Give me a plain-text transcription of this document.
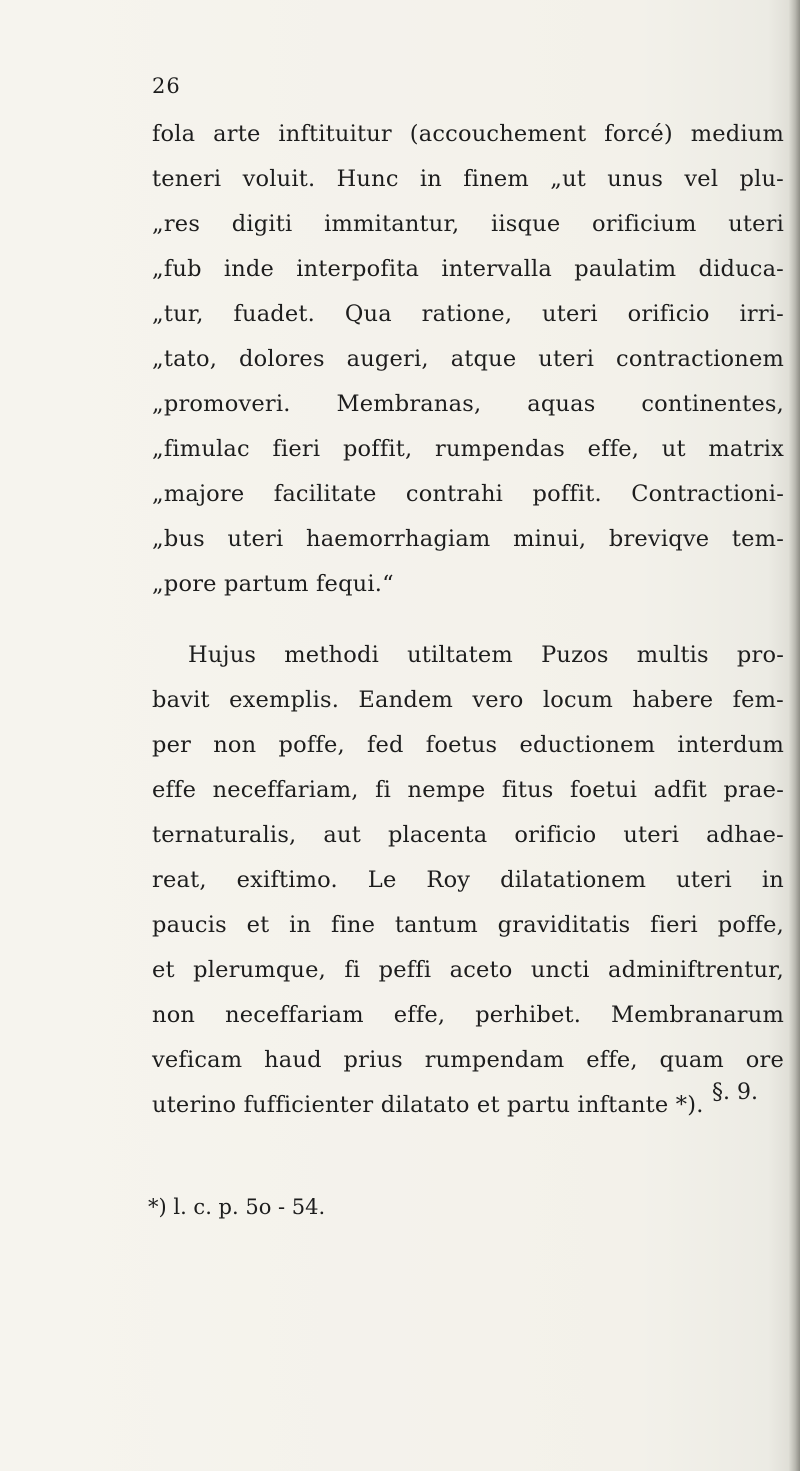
26
fola arte inftituitur (accouchement forcé) medium
teneri voluit. Hunc in finem „ut unus vel plu-
„res digiti immitantur, iisque orificium uteri
„fub inde interpofita intervalla paulatim diduca-
„tur, fuadet. Qua ratione, uteri orificio irri-
„tato, dolores augeri, atque uteri contractionem
„promoveri. Membranas, aquas continentes,
„fimulac fieri poffit, rumpendas effe, ut matrix
„majore facilitate contrahi poffit. Contractioni-
„bus uteri haemorrhagiam minui, breviqve tem-
„pore partum fequi.“
Hujus methodi utiltatem Puzos multis pro-
bavit exemplis. Eandem vero locum habere fem-
per non poffe, fed foetus eductionem interdum
effe neceffariam, fi nempe fitus foetui adfit prae-
ternaturalis, aut placenta orificio uteri adhae-
reat, exiftimo. Le Roy dilatationem uteri in
paucis et in fine tantum graviditatis fieri poffe,
et plerumque, fi peffi aceto uncti adminiftrentur,
non neceffariam effe, perhibet. Membranarum
veficam haud prius rumpendam effe, quam ore
uterino fufficienter dilatato et partu inftante *). §. 9.
*) l. c. p. 5o - 54.
